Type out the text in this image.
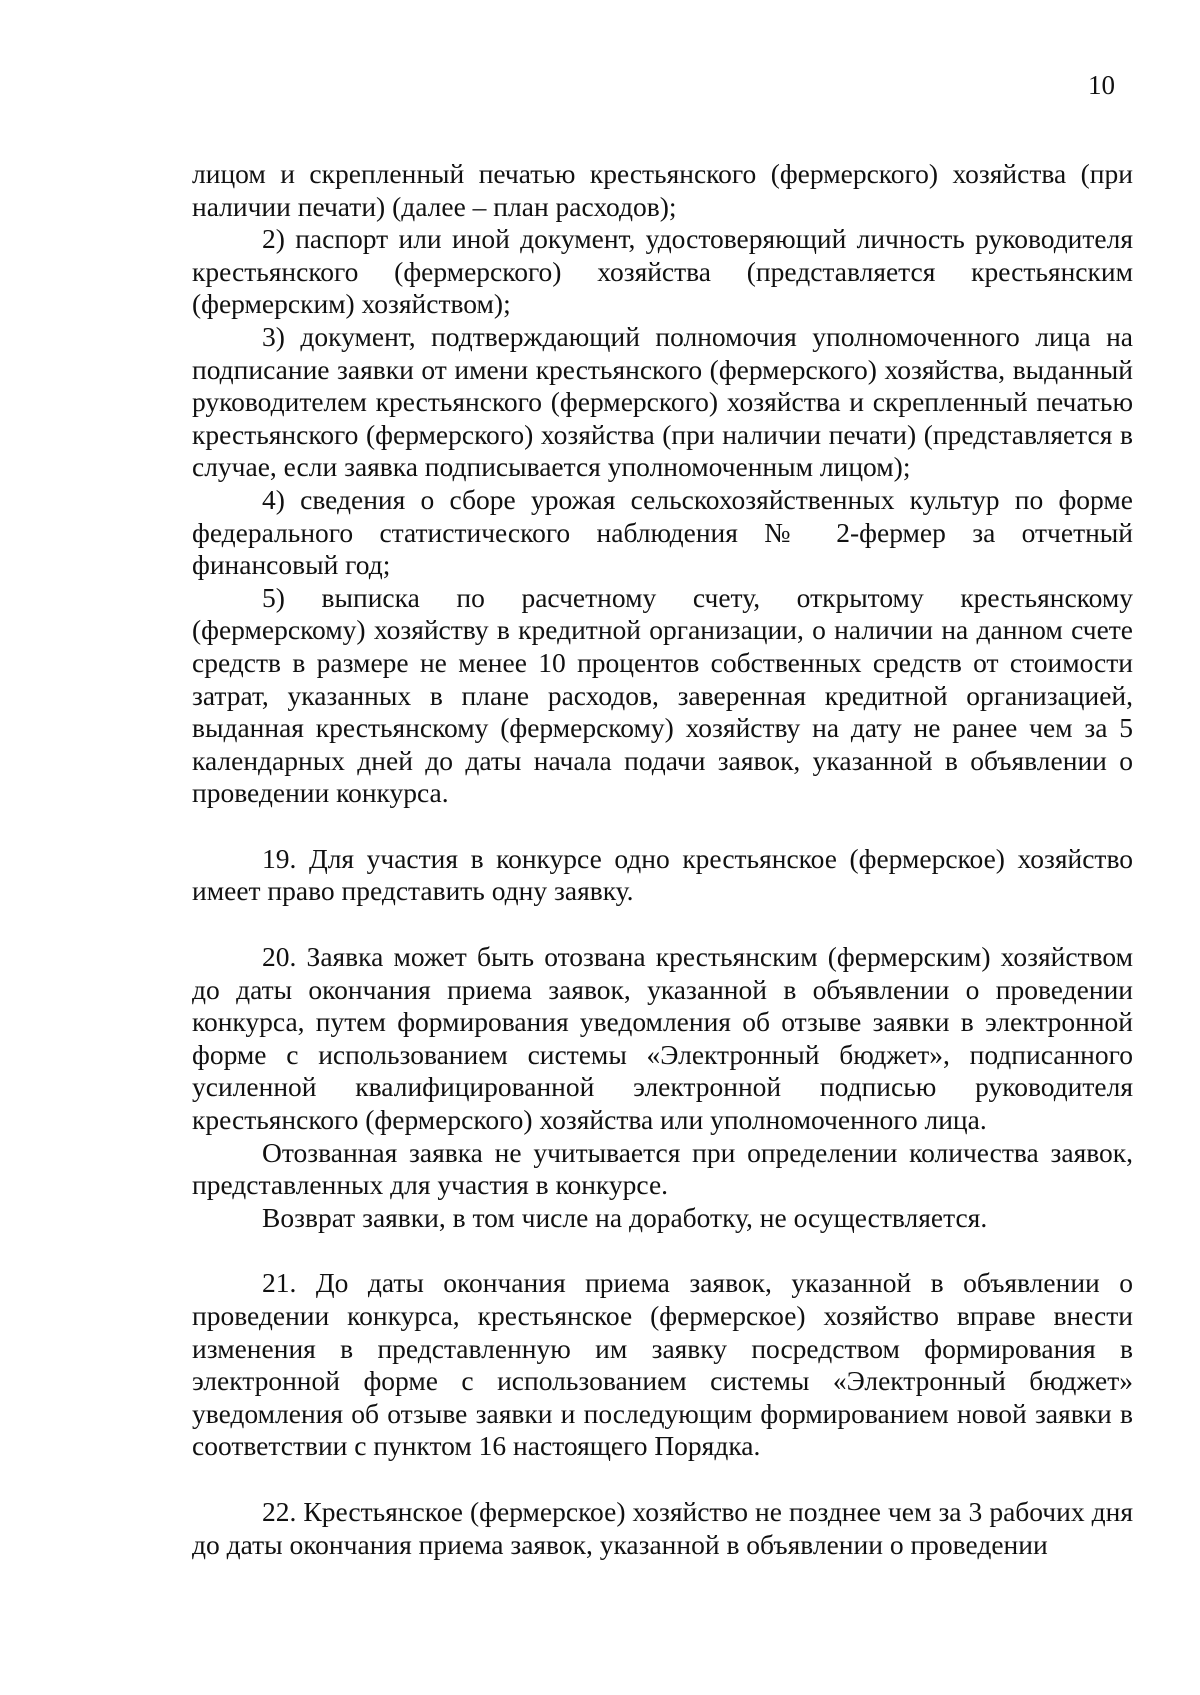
10

лицом и скрепленный печатью крестьянского (фермерского) хозяйства (при наличии печати) (далее – план расходов);

2) паспорт или иной документ, удостоверяющий личность руководителя крестьянского (фермерского) хозяйства (представляется крестьянским (фермерским) хозяйством);

3) документ, подтверждающий полномочия уполномоченного лица на подписание заявки от имени крестьянского (фермерского) хозяйства, выданный руководителем крестьянского (фермерского) хозяйства и скрепленный печатью крестьянского (фермерского) хозяйства (при наличии печати) (представляется в случае, если заявка подписывается уполномоченным лицом);

4) сведения о сборе урожая сельскохозяйственных культур по форме федерального статистического наблюдения № 2-фермер за отчетный финансовый год;

5) выписка по расчетному счету, открытому крестьянскому (фермерскому) хозяйству в кредитной организации, о наличии на данном счете средств в размере не менее 10 процентов собственных средств от стоимости затрат, указанных в плане расходов, заверенная кредитной организацией, выданная крестьянскому (фермерскому) хозяйству на дату не ранее чем за 5 календарных дней до даты начала подачи заявок, указанной в объявлении о проведении конкурса.

19. Для участия в конкурсе одно крестьянское (фермерское) хозяйство имеет право представить одну заявку.

20. Заявка может быть отозвана крестьянским (фермерским) хозяйством до даты окончания приема заявок, указанной в объявлении о проведении конкурса, путем формирования уведомления об отзыве заявки в электронной форме с использованием системы «Электронный бюджет», подписанного усиленной квалифицированной электронной подписью руководителя крестьянского (фермерского) хозяйства или уполномоченного лица.

Отозванная заявка не учитывается при определении количества заявок, представленных для участия в конкурсе.

Возврат заявки, в том числе на доработку, не осуществляется.

21. До даты окончания приема заявок, указанной в объявлении о проведении конкурса, крестьянское (фермерское) хозяйство вправе внести изменения в представленную им заявку посредством формирования в электронной форме с использованием системы «Электронный бюджет» уведомления об отзыве заявки и последующим формированием новой заявки в соответствии с пунктом 16 настоящего Порядка.

22. Крестьянское (фермерское) хозяйство не позднее чем за 3 рабочих дня до даты окончания приема заявок, указанной в объявлении о проведении
